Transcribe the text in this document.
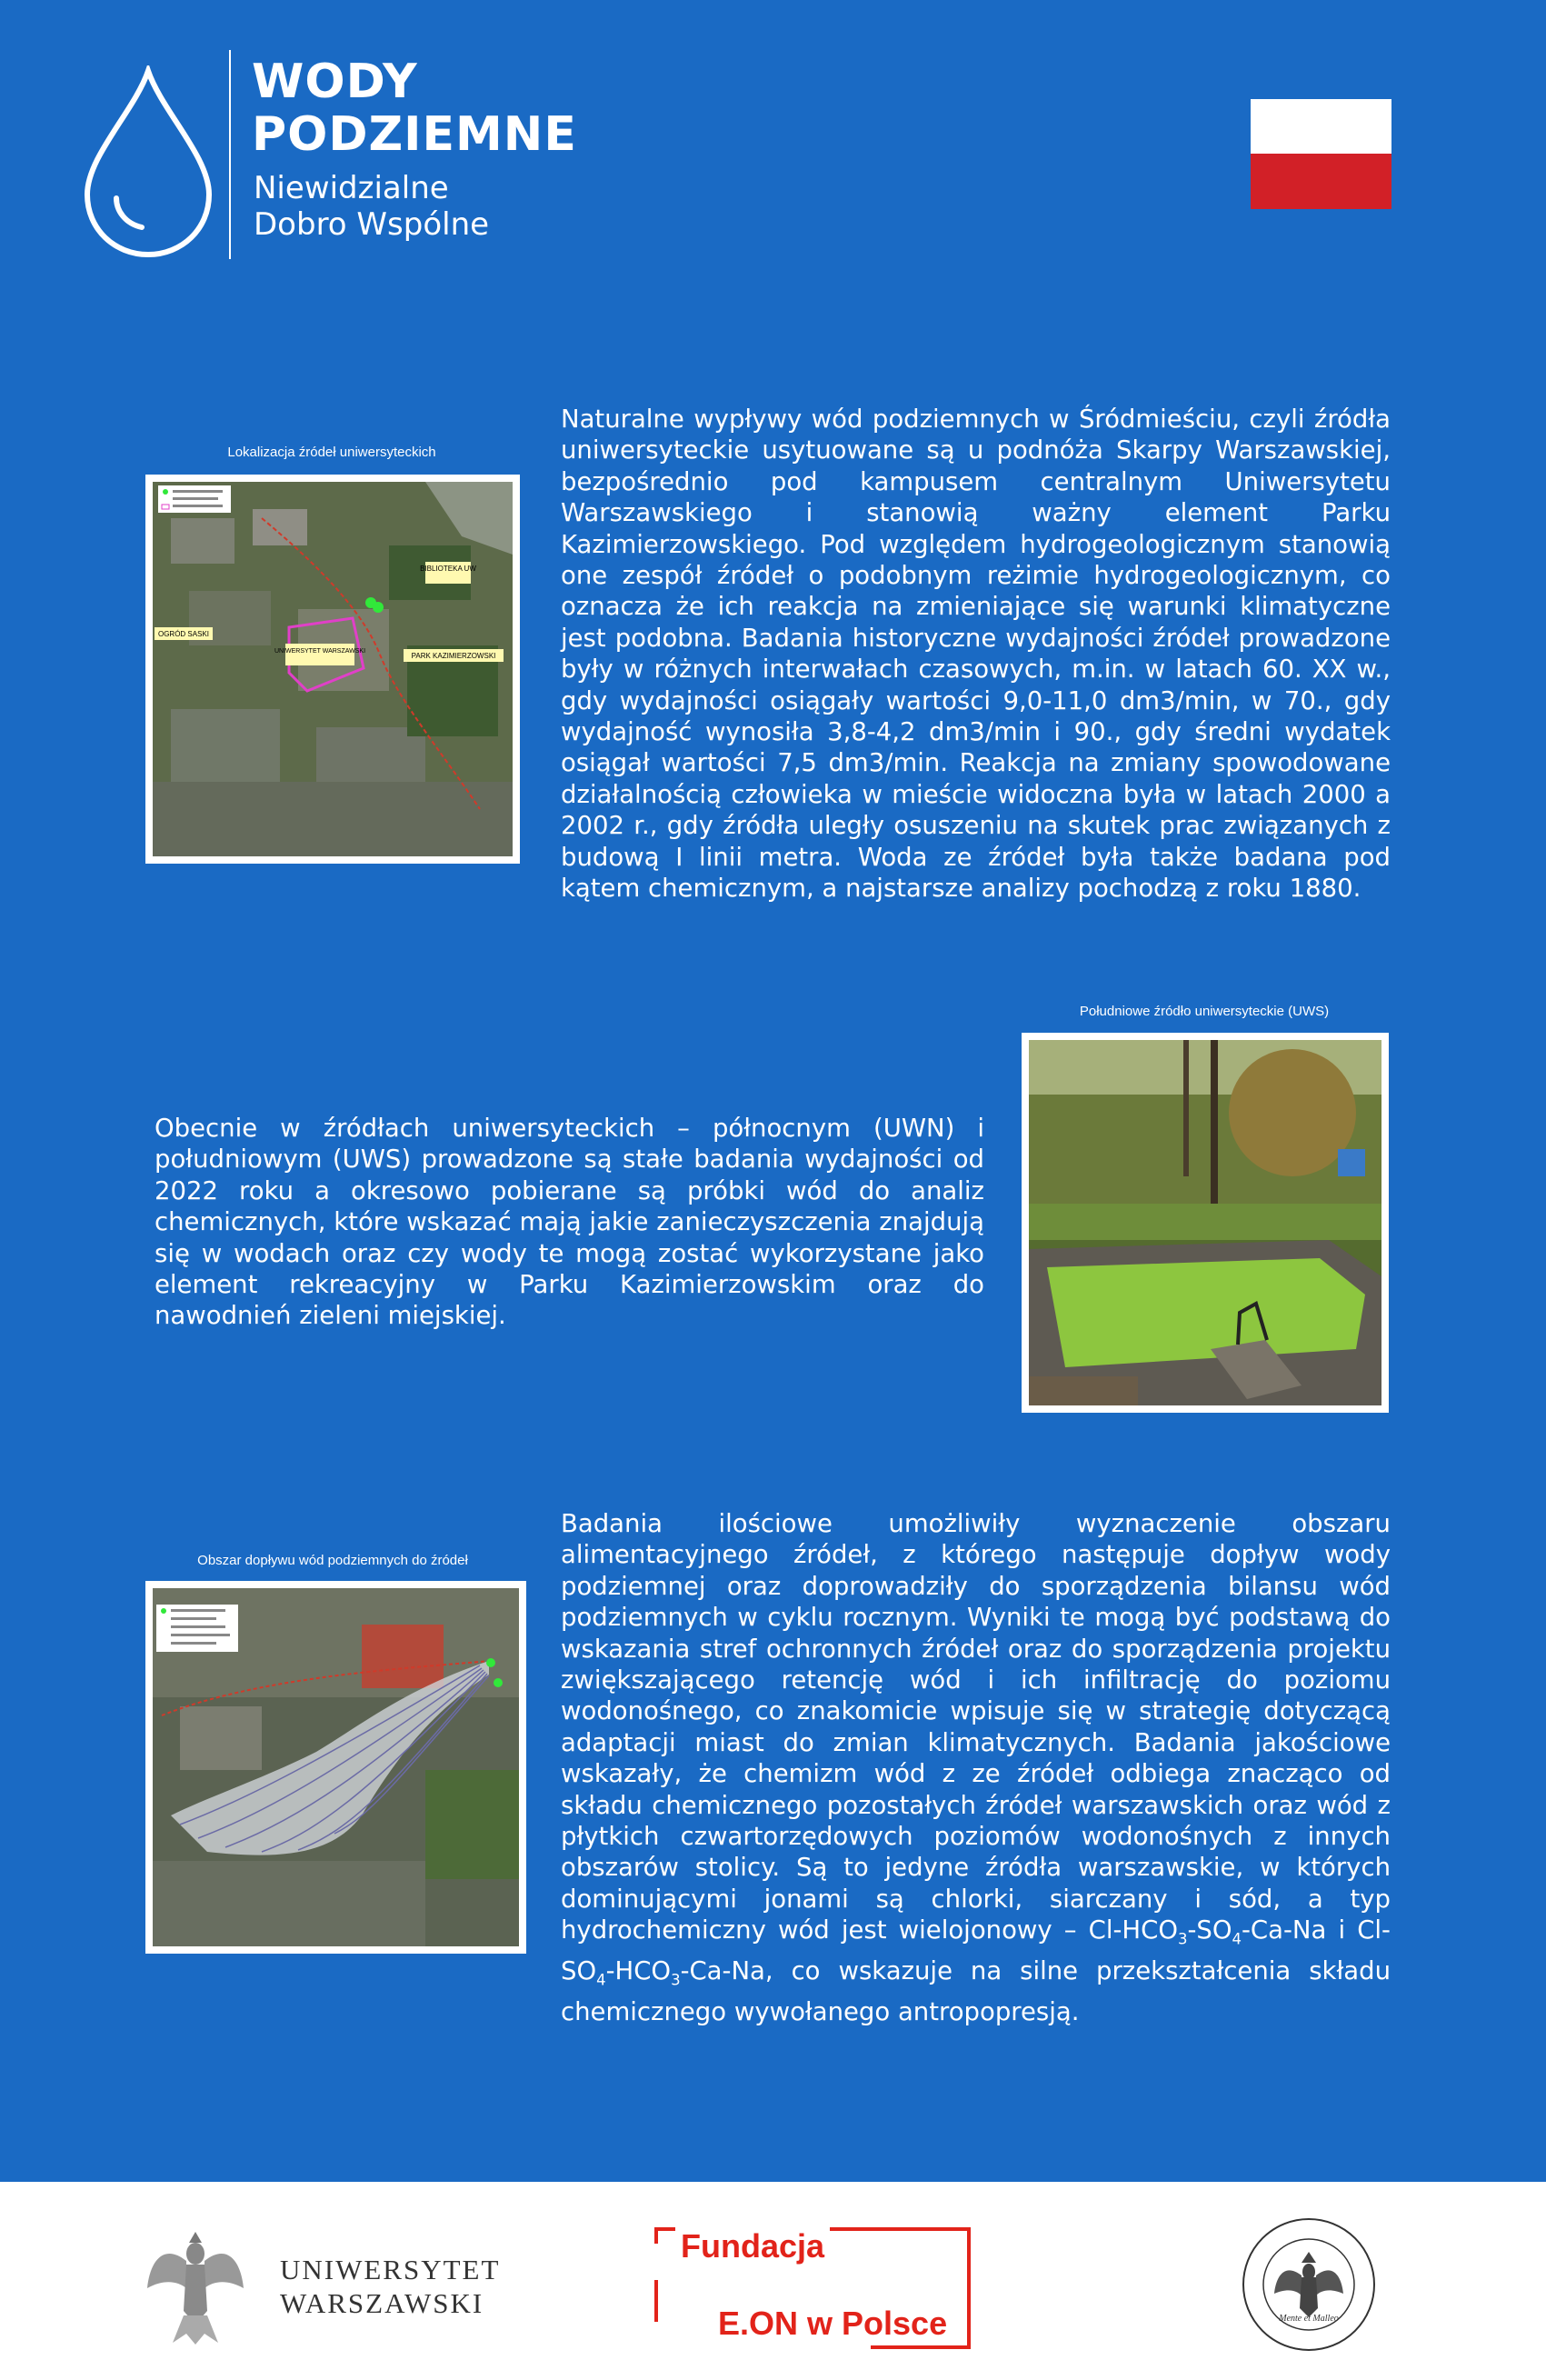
WODY
PODZIEMNE
Niewidzialne
Dobro Wspólne
Lokalizacja źródeł uniwersyteckich
BIBLIOTEKA UW
OGRÓD SASKI
UNIWERSYTET WARSZAWSKI
PARK KAZIMIERZOWSKI

Naturalne wypływy wód podziemnych w Śródmieściu, czyli źródła uniwersyteckie usytuowane są u podnóża Skarpy Warszawskiej, bezpośrednio pod kampusem centralnym Uniwersytetu Warszawskiego i stanowią ważny element Parku Kazimierzowskiego. Pod względem hydrogeologicznym stanowią one zespół źródeł o podobnym reżimie hydrogeologicznym, co oznacza że ich reakcja na zmieniające się warunki klimatyczne jest podobna. Badania historyczne wydajności źródeł prowadzone były w różnych interwałach czasowych, m.in. w latach 60. XX w., gdy wydajności osiągały wartości 9,0-11,0 dm3/min, w 70., gdy wydajność wynosiła 3,8-4,2 dm3/min i 90., gdy średni wydatek osiągał wartości 7,5 dm3/min. Reakcja na zmiany spowodowane działalnością człowieka w mieście widoczna była w latach 2000 a 2002 r., gdy źródła uległy osuszeniu na skutek prac związanych z budową I linii metra. Woda ze źródeł była także badana pod kątem chemicznym, a najstarsze analizy pochodzą z roku 1880.

Południowe źródło uniwersyteckie (UWS)

Obecnie w źródłach uniwersyteckich – północnym (UWN) i południowym (UWS) prowadzone są stałe badania wydajności od 2022 roku a okresowo pobierane są próbki wód do analiz chemicznych, które wskazać mają jakie zanieczyszczenia znajdują się w wodach oraz czy wody te mogą zostać wykorzystane jako element rekreacyjny w Parku Kazimierzowskim oraz do nawodnień zieleni miejskiej.

Obszar dopływu wód podziemnych do źródeł

Badania ilościowe umożliwiły wyznaczenie obszaru alimentacyjnego źródeł, z którego następuje dopływ wody podziemnej oraz doprowadziły do sporządzenia bilansu wód podziemnych w cyklu rocznym. Wyniki te mogą być podstawą do wskazania stref ochronnych źródeł oraz do sporządzenia projektu zwiększającego retencję wód i ich infiltrację do poziomu wodonośnego, co znakomicie wpisuje się w strategię dotyczącą adaptacji miast do zmian klimatycznych. Badania jakościowe wskazały, że chemizm wód z ze źródeł odbiega znacząco od składu chemicznego pozostałych źródeł warszawskich oraz wód z płytkich czwartorzędowych poziomów wodonośnych z innych obszarów stolicy. Są to jedyne źródła warszawskie, w których dominującymi jonami są chlorki, siarczany i sód, a typ hydrochemiczny wód jest wielojonowy – $Cl-HCO_3-SO_4-Ca-Na$ i $Cl-SO_4-HCO_3-Ca-Na$, co wskazuje na silne przekształcenia składu chemicznego wywołanego antropopresją.

UNIWERSYTET
WARSZAWSKI
Fundacja
E.ON w Polsce	Mente et Malleo
